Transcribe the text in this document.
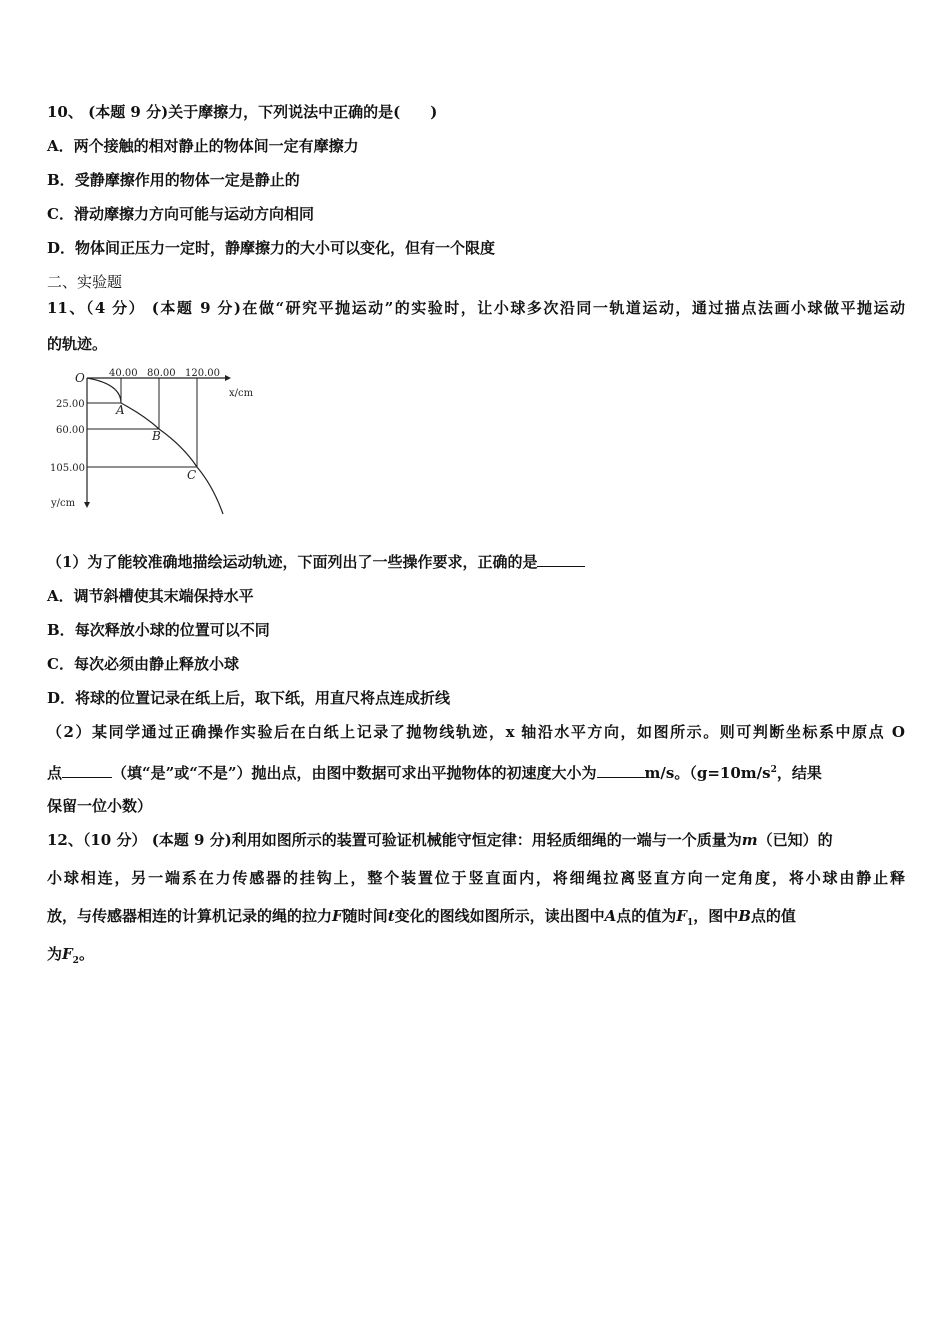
10、 (本题 9 分)关于摩擦力，下列说法中正确的是(　　)
A．两个接触的相对静止的物体间一定有摩擦力
B．受静摩擦作用的物体一定是静止的
C．滑动摩擦力方向可能与运动方向相同
D．物体间正压力一定时，静摩擦力的大小可以变化，但有一个限度
二、实验题
11、（4 分） (本题 9 分)在做“研究平抛运动”的实验时，让小球多次沿同一轨道运动，通过描点法画小球做平抛运动
的轨迹。
O 40.00 80.00 120.00
x/cm
25.00
60.00
105.00
y/cm
A
B
C
（1）为了能较准确地描绘运动轨迹，下面列出了一些操作要求，正确的是
A．调节斜槽使其末端保持水平
B．每次释放小球的位置可以不同
C．每次必须由静止释放小球
D．将球的位置记录在纸上后，取下纸，用直尺将点连成折线
（2）某同学通过正确操作实验后在白纸上记录了抛物线轨迹，x 轴沿水平方向，如图所示。则可判断坐标系中原点 O
点	（填“是”或“不是”）抛出点，由图中数据可求出平抛物体的初速度大小为	m/s。（$g=10m/s^2$，结果
保留一位小数）
12、（10 分） (本题 9 分)利用如图所示的装置可验证机械能守恒定律：用轻质细绳的一端与一个质量为m（已知）的
小球相连，另一端系在力传感器的挂钩上，整个装置位于竖直面内，将细绳拉离竖直方向一定角度，将小球由静止释
放，与传感器相连的计算机记录的绳的拉力F随时间t变化的图线如图所示，读出图中A点的值为$F_1$，图中B点的值
为$F_2$。
